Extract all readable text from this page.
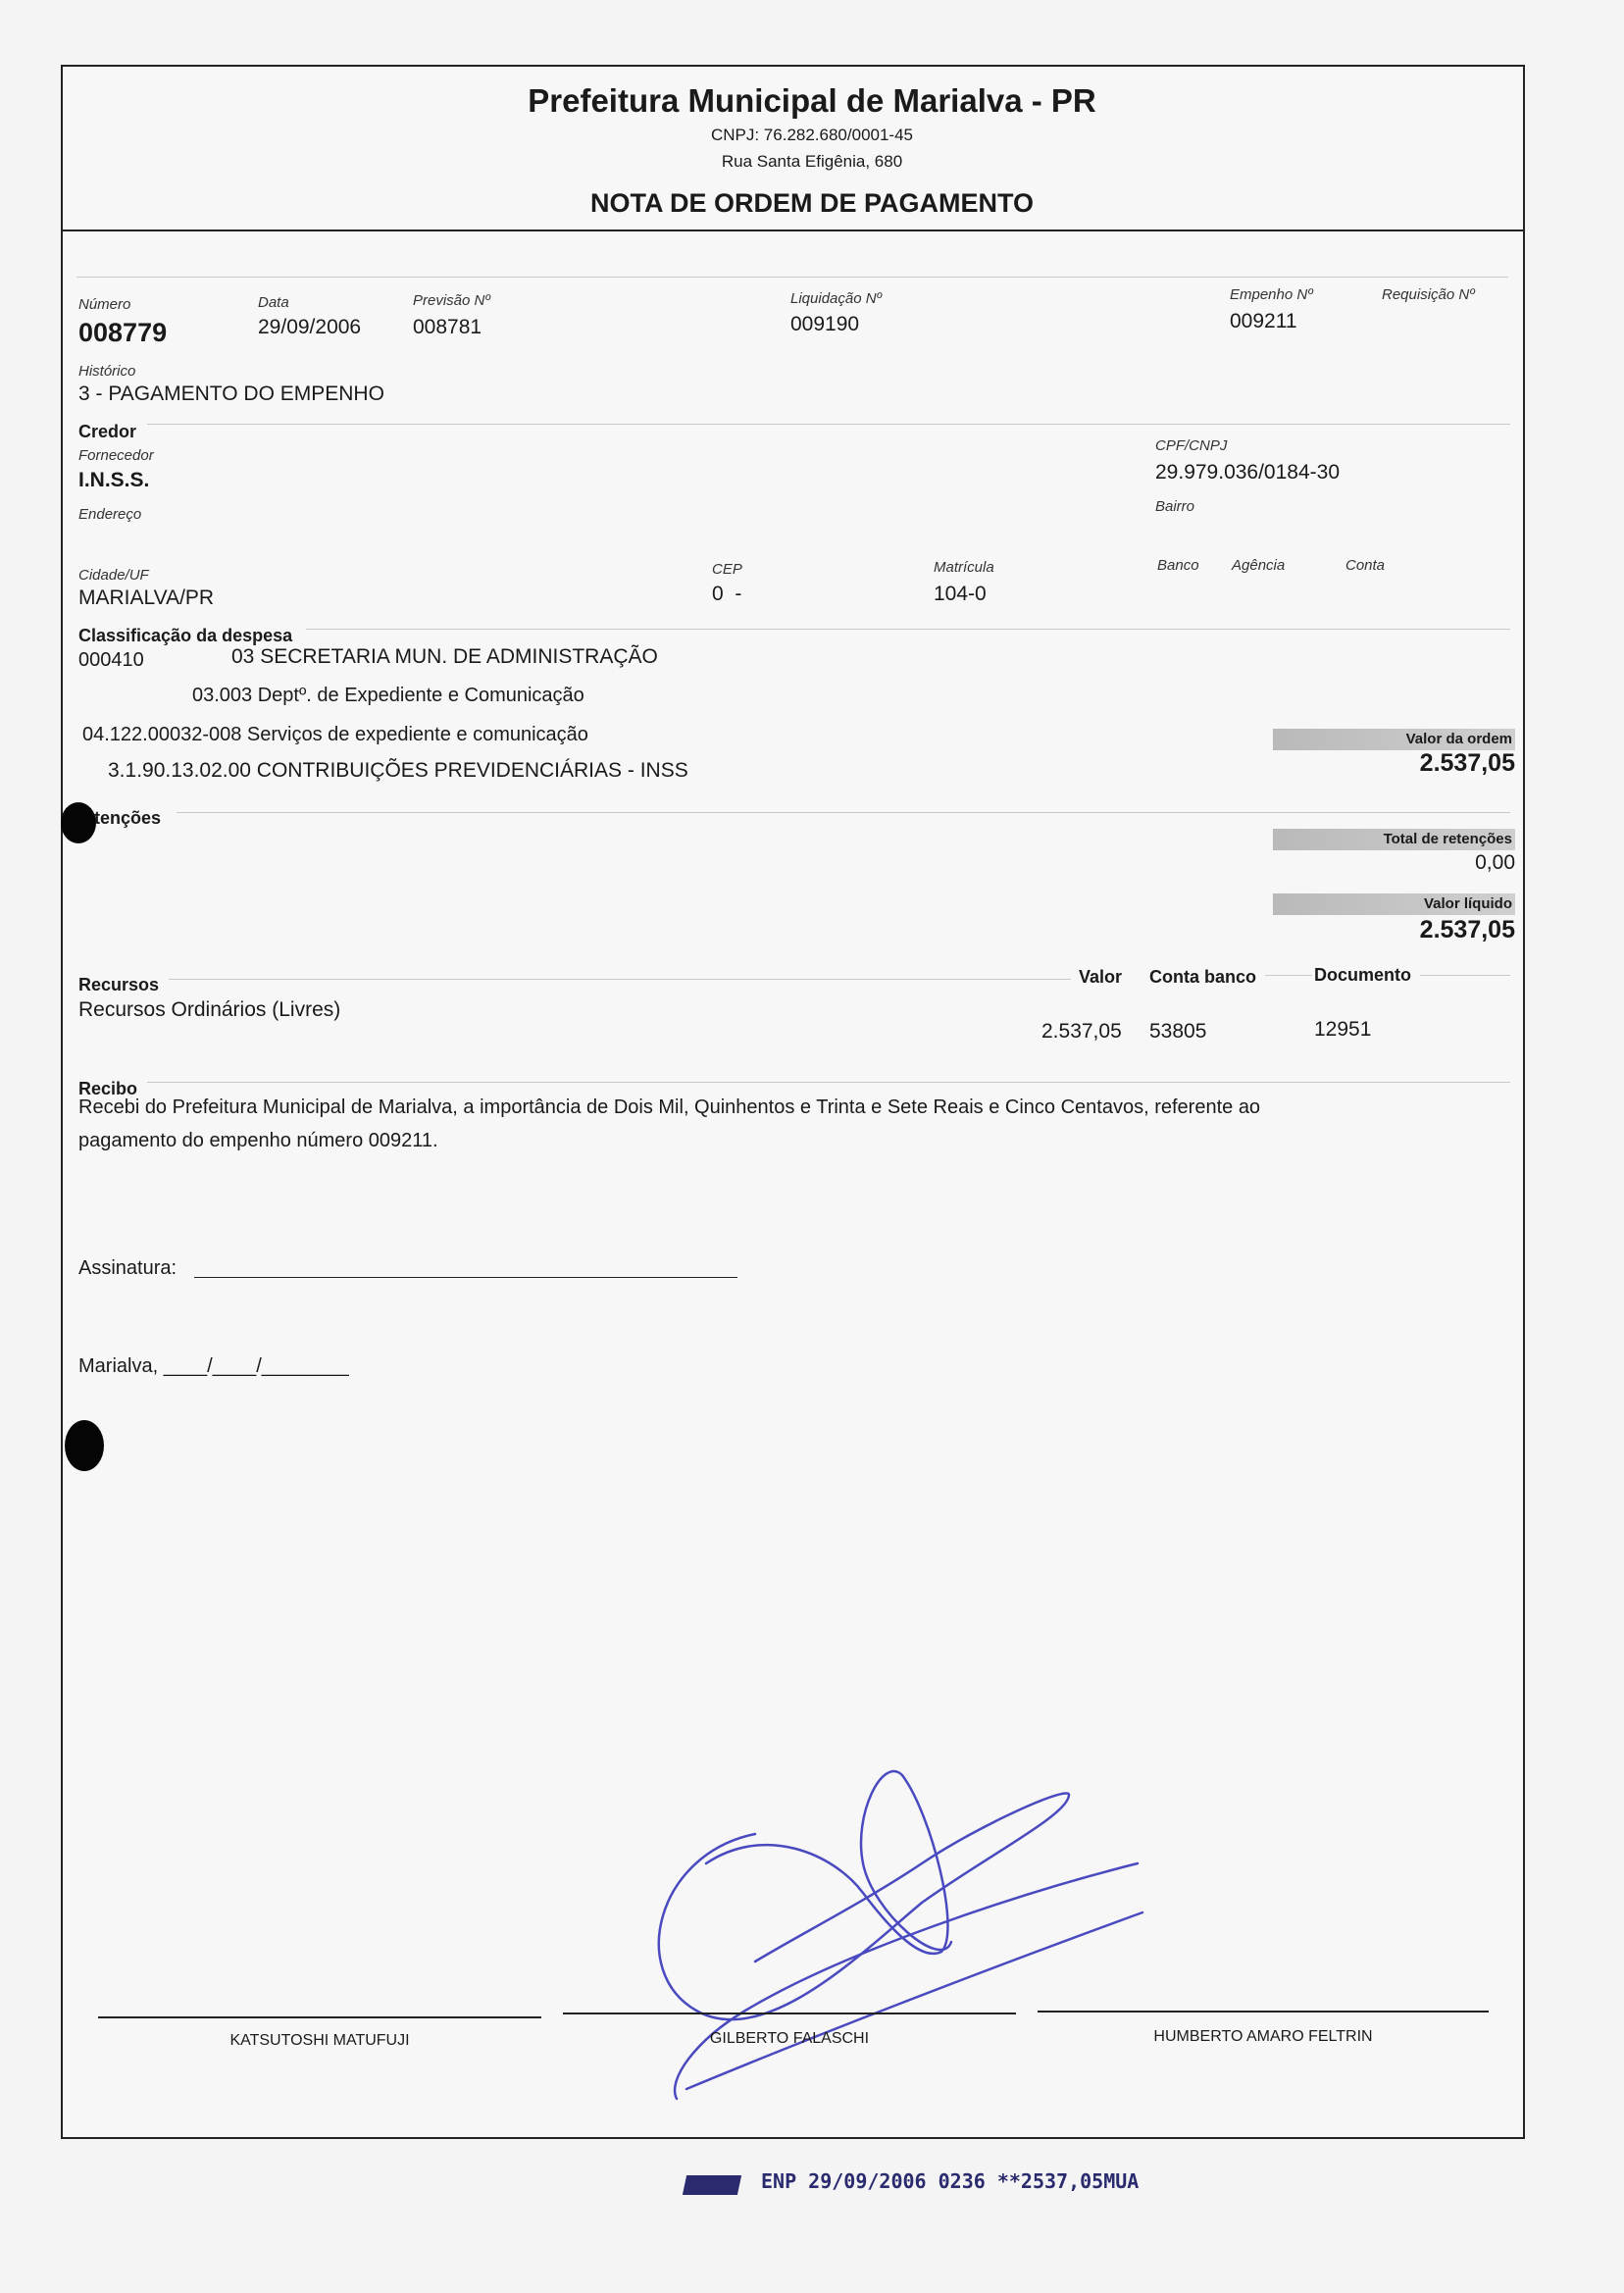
Prefeitura Municipal de Marialva - PR
CNPJ: 76.282.680/0001-45
Rua Santa Efigênia, 680
NOTA DE ORDEM DE PAGAMENTO
Número
008779
Data
29/09/2006
Previsão Nº
008781
Liquidação Nº
009190
Empenho Nº
009211
Requisição Nº
Histórico
3 - PAGAMENTO DO EMPENHO
Credor
Fornecedor
I.N.S.S.
CPF/CNPJ
29.979.036/0184-30
Endereço	Bairro
Cidade/UF
MARIALVA/PR
CEP
0  -
Matrícula
104-0
Banco Agência	Conta
Classificação da despesa
000410	03 SECRETARIA MUN. DE ADMINISTRAÇÃO
03.003 Deptº. de Expediente e Comunicação
04.122.00032-008 Serviços de expediente e comunicação
3.1.90.13.02.00 CONTRIBUIÇÕES PREVIDENCIÁRIAS - INSS
Valor da ordem
2.537,05
tenções
Total de retenções
0,00
Valor líquido
2.537,05
Recursos	Valor Conta banco	Documento
Recursos Ordinários (Livres)
2.537,05 53805	12951
Recibo
Recebi do Prefeitura Municipal de Marialva, a importância de Dois Mil, Quinhentos e Trinta e Sete Reais e Cinco Centavos, referente ao
pagamento do empenho número 009211.
Assinatura:
Marialva, ____/____/________
KATSUTOSHI MATUFUJI	GILBERTO FALASCHI	HUMBERTO AMARO FELTRIN
ENP 29/09/2006 0236 **2537,05MUA
